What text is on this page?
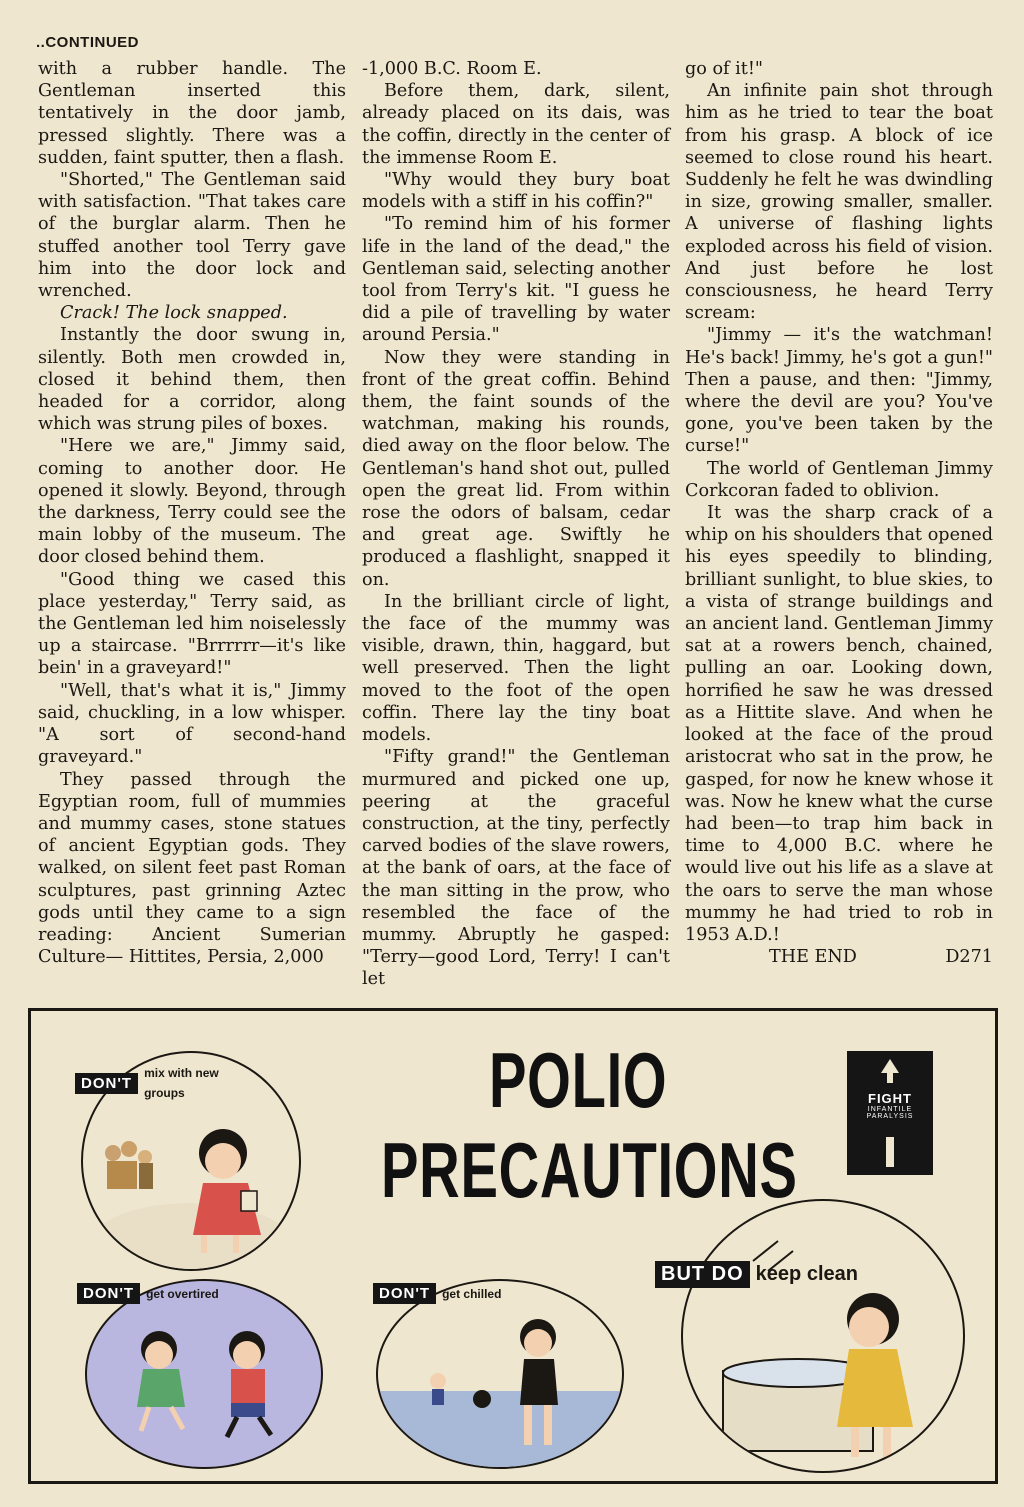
..CONTINUED

with a rubber handle. The Gentleman inserted this tentatively in the door jamb, pressed slightly. There was a sudden, faint sputter, then a flash.

"Shorted," The Gentleman said with satisfaction. "That takes care of the burglar alarm. Then he stuffed another tool Terry gave him into the door lock and wrenched.

Crack! The lock snapped.

Instantly the door swung in, silently. Both men crowded in, closed it behind them, then headed for a corridor, along which was strung piles of boxes.

"Here we are," Jimmy said, coming to another door. He opened it slowly. Beyond, through the darkness, Terry could see the main lobby of the museum. The door closed behind them.

"Good thing we cased this place yesterday," Terry said, as the Gentleman led him noiselessly up a staircase. "Brrrrrr—it's like bein' in a graveyard!"

"Well, that's what it is," Jimmy said, chuckling, in a low whisper. "A sort of second-hand graveyard."

They passed through the Egyptian room, full of mummies and mummy cases, stone statues of ancient Egyptian gods. They walked, on silent feet past Roman sculptures, past grinning Aztec gods until they came to a sign reading: Ancient Sumerian Culture— Hittites, Persia, 2,000

-1,000 B.C. Room E.

Before them, dark, silent, already placed on its dais, was the coffin, directly in the center of the immense Room E.

"Why would they bury boat models with a stiff in his coffin?"

"To remind him of his former life in the land of the dead," the Gentleman said, selecting another tool from Terry's kit. "I guess he did a pile of travelling by water around Persia."

Now they were standing in front of the great coffin. Behind them, the faint sounds of the watchman, making his rounds, died away on the floor below. The Gentleman's hand shot out, pulled open the great lid. From within rose the odors of balsam, cedar and great age. Swiftly he produced a flashlight, snapped it on.

In the brilliant circle of light, the face of the mummy was visible, drawn, thin, haggard, but well preserved. Then the light moved to the foot of the open coffin. There lay the tiny boat models.

"Fifty grand!" the Gentleman murmured and picked one up, peering at the graceful construction, at the tiny, perfectly carved bodies of the slave rowers, at the bank of oars, at the face of the man sitting in the prow, who resembled the face of the mummy. Abruptly he gasped: "Terry—good Lord, Terry! I can't let

go of it!"

An infinite pain shot through him as he tried to tear the boat from his grasp. A block of ice seemed to close round his heart. Suddenly he felt he was dwindling in size, growing smaller, smaller. A universe of flashing lights exploded across his field of vision. And just before he lost consciousness, he heard Terry scream:

"Jimmy — it's the watchman! He's back! Jimmy, he's got a gun!" Then a pause, and then: "Jimmy, where the devil are you? You've gone, you've been taken by the curse!"

The world of Gentleman Jimmy Corkcoran faded to oblivion.

It was the sharp crack of a whip on his shoulders that opened his eyes speedily to blinding, brilliant sunlight, to blue skies, to a vista of strange buildings and an ancient land. Gentleman Jimmy sat at a rowers bench, chained, pulling an oar. Looking down, horrified he saw he was dressed as a Hittite slave. And when he looked at the face of the proud aristocrat who sat in the prow, he gasped, for now he knew whose it was. Now he knew what the curse had been—to trap him back in time to 4,000 B.C. where he would live out his life as a slave at the oars to serve the man whose mummy he had tried to rob in 1953 A.D.!

THE END	D271
POLIO
PRECAUTIONS
FIGHT
INFANTILE
PARALYSIS
DON'T
mix with new groups
DON'T	get overtired	DON'T	get chilled
BUT DO keep clean
